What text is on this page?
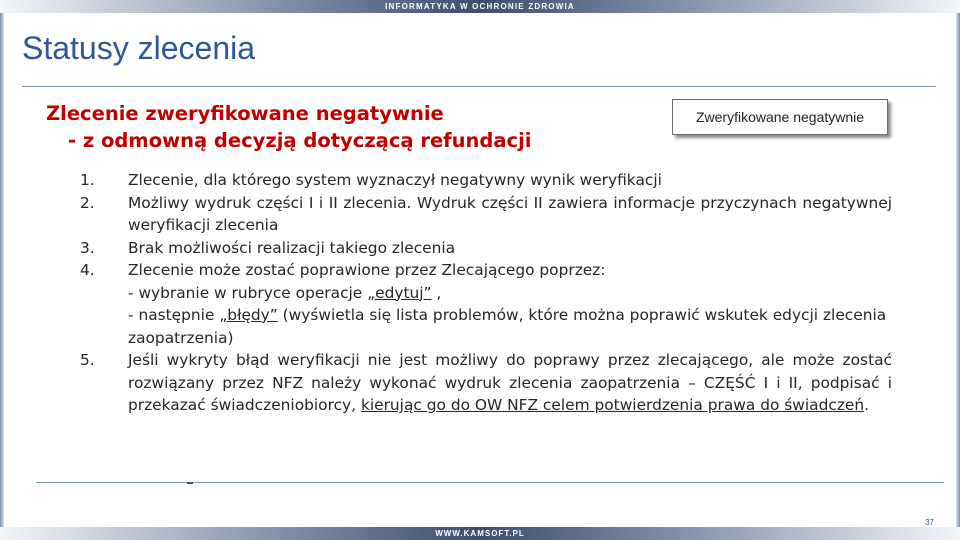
INFORMATYKA W OCHRONIE ZDROWIA
Statusy zlecenia
Zlecenie zweryfikowane negatywnie
- z odmowną decyzją dotyczącą refundacji
Zweryfikowane negatywnie
1. Zlecenie, dla którego system wyznaczył negatywny wynik weryfikacji
2. Możliwy wydruk części I i II zlecenia. Wydruk części II zawiera informacje przyczynach negatywnej weryfikacji zlecenia
3. Brak możliwości realizacji takiego zlecenia
4. Zlecenie może zostać poprawione przez Zlecającego poprzez:
- wybranie w rubryce operacje „edytuj” ,
- następnie „błędy” (wyświetla się lista problemów, które można poprawić wskutek edycji zlecenia zaopatrzenia)
5. Jeśli wykryty błąd weryfikacji nie jest możliwy do poprawy przez zlecającego, ale może zostać rozwiązany przez NFZ należy wykonać wydruk zlecenia zaopatrzenia – CZĘŚĆ I i II, podpisać i przekazać świadczeniobiorcy, kierując go do OW NFZ celem potwierdzenia prawa do świadczeń.
37
WWW.KAMSOFT.PL
